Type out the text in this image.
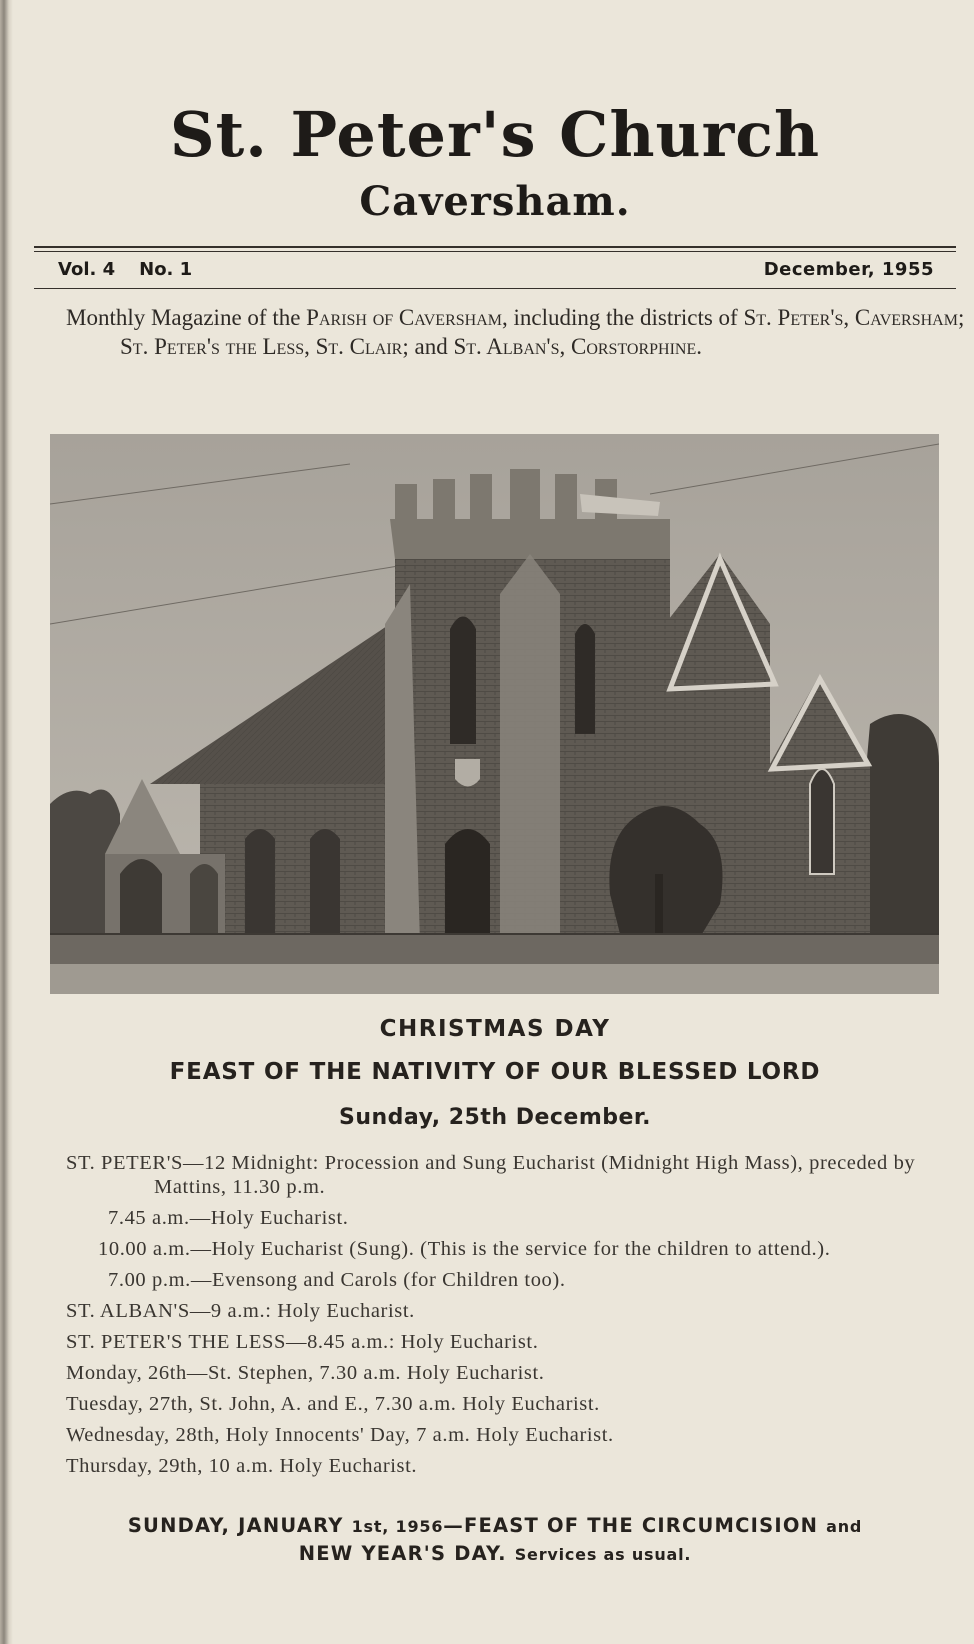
St. Peter's Church
Caversham.
Vol. 4 No. 1	December, 1955
Monthly Magazine of the Parish of Caversham, including the districts of St. Peter's, Caversham; St. Peter's the Less, St. Clair; and St. Alban's, Corstorphine.
CHRISTMAS DAY
FEAST OF THE NATIVITY OF OUR BLESSED LORD
Sunday, 25th December.
ST. PETER'S—12 Midnight: Procession and Sung Eucharist (Midnight High Mass), preceded by Mattins, 11.30 p.m.
7.45 a.m.—Holy Eucharist.
10.00 a.m.—Holy Eucharist (Sung). (This is the service for the children to attend.).
7.00 p.m.—Evensong and Carols (for Children too).
ST. ALBAN'S—9 a.m.: Holy Eucharist.
ST. PETER'S THE LESS—8.45 a.m.: Holy Eucharist.
Monday, 26th—St. Stephen, 7.30 a.m. Holy Eucharist.
Tuesday, 27th, St. John, A. and E., 7.30 a.m. Holy Eucharist.
Wednesday, 28th, Holy Innocents' Day, 7 a.m. Holy Eucharist.
Thursday, 29th, 10 a.m. Holy Eucharist.
SUNDAY, JANUARY 1st, 1956—FEAST OF THE CIRCUMCISION and
NEW YEAR'S DAY. Services as usual.
